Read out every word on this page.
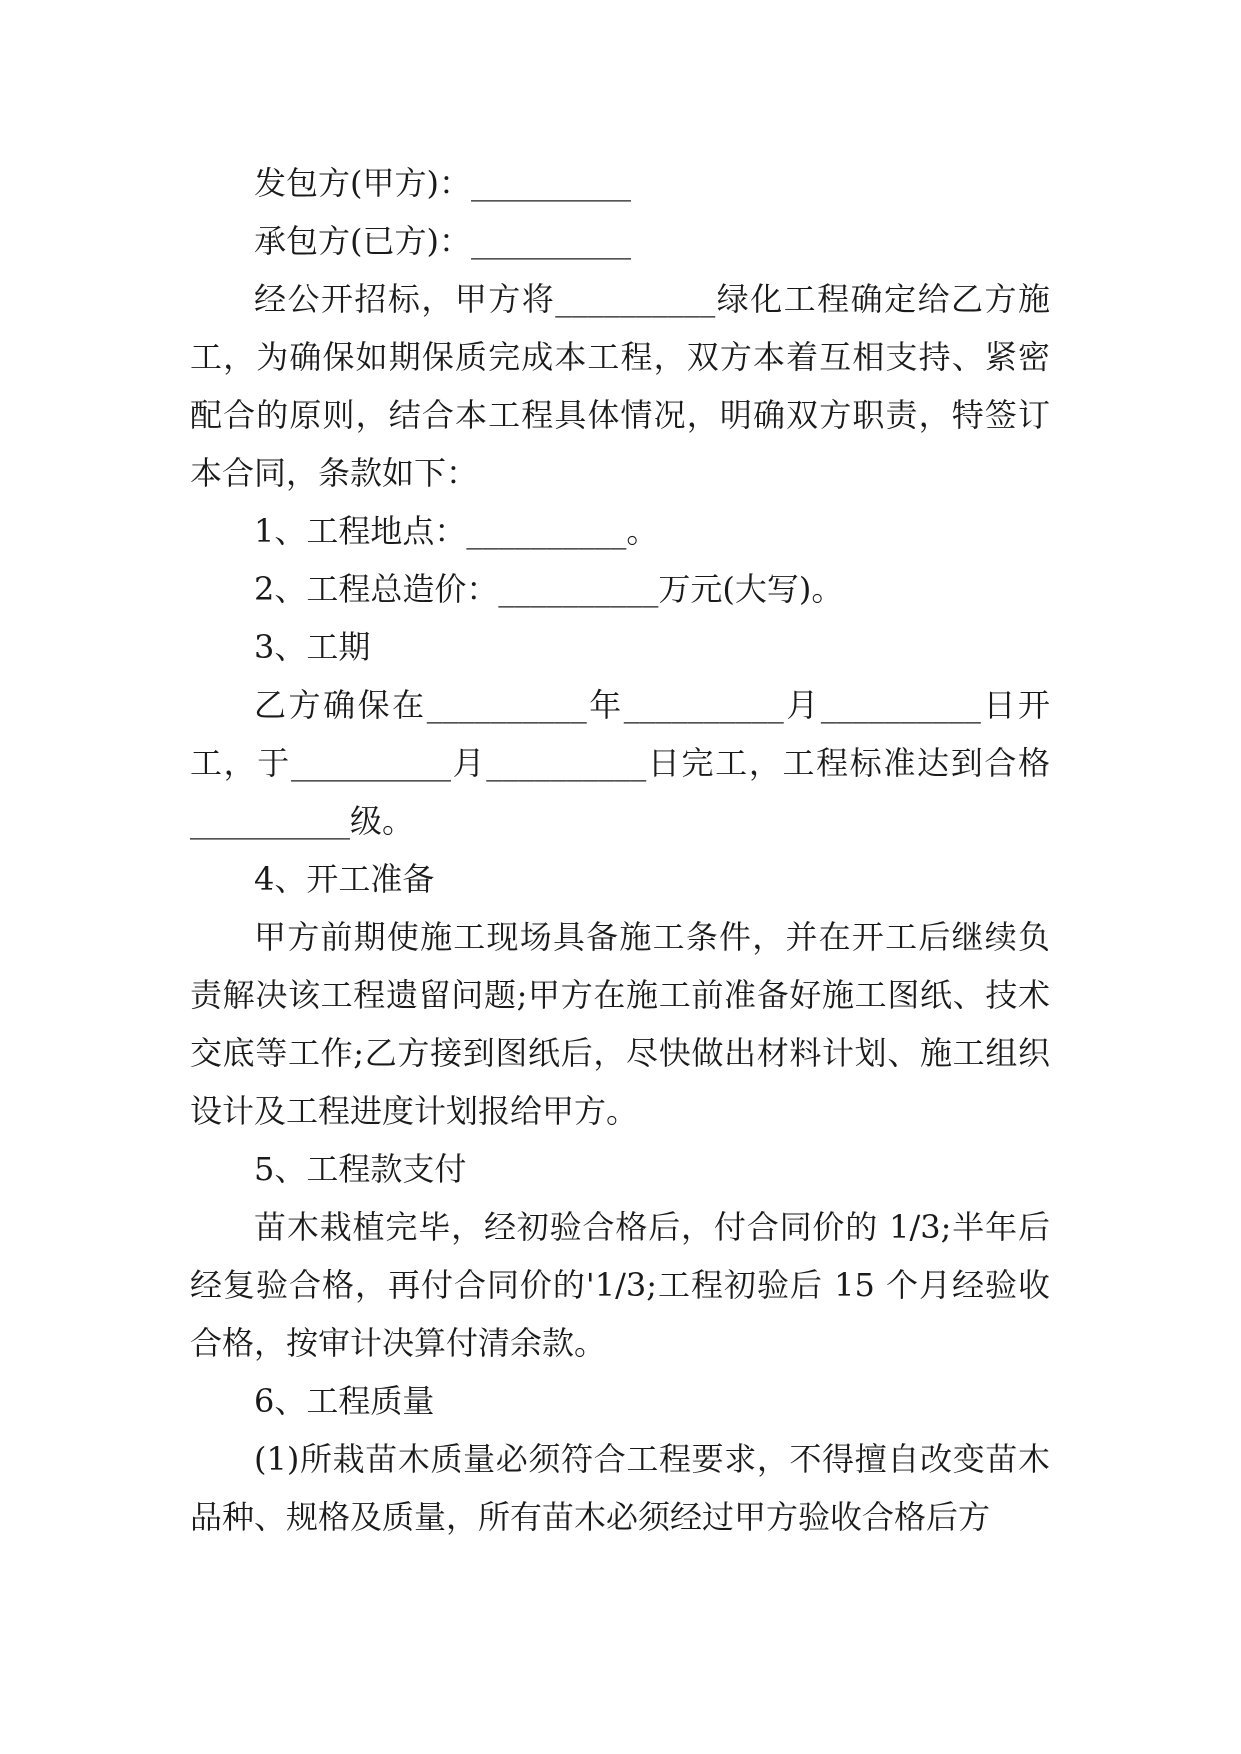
发包方(甲方)：__________

承包方(已方)：__________

经公开招标，甲方将__________绿化工程确定给乙方施工，为确保如期保质完成本工程，双方本着互相支持、紧密配合的原则，结合本工程具体情况，明确双方职责，特签订本合同，条款如下：

1、工程地点：__________。

2、工程总造价：__________万元(大写)。

3、工期

乙方确保在__________年__________月__________日开工，于__________月__________日完工，工程标准达到合格__________级。

4、开工准备

甲方前期使施工现场具备施工条件，并在开工后继续负责解决该工程遗留问题;甲方在施工前准备好施工图纸、技术交底等工作;乙方接到图纸后，尽快做出材料计划、施工组织设计及工程进度计划报给甲方。

5、工程款支付

苗木栽植完毕，经初验合格后，付合同价的 1/3;半年后经复验合格，再付合同价的'1/3;工程初验后 15 个月经验收合格，按审计决算付清余款。

6、工程质量

(1)所栽苗木质量必须符合工程要求，不得擅自改变苗木品种、规格及质量，所有苗木必须经过甲方验收合格后方
